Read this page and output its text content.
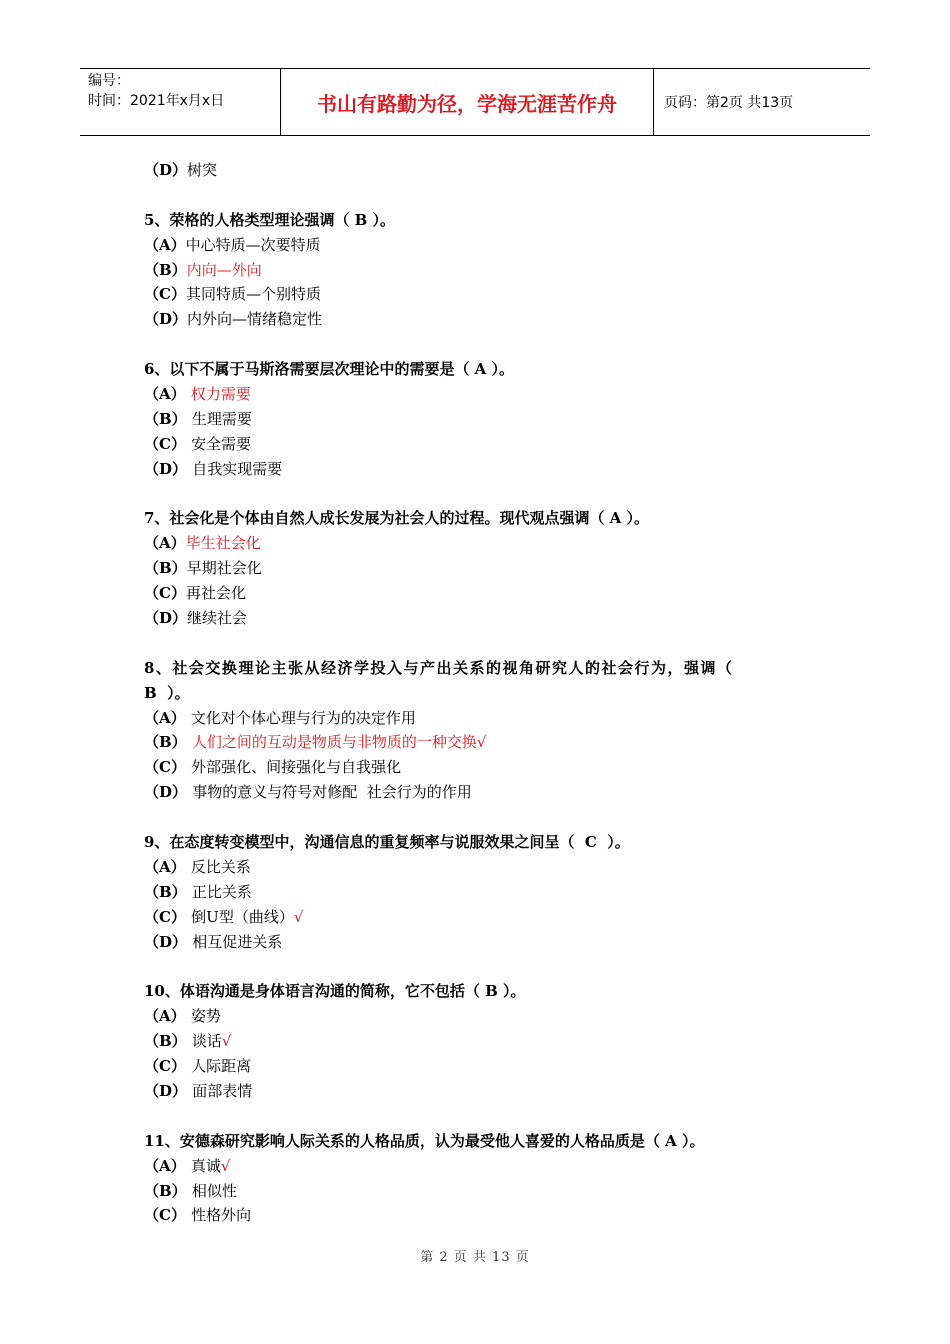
编号：
时间：2021年x月x日	书山有路勤为径，学海无涯苦作舟	页码：第2页 共13页
（D）树突
5、荣格的人格类型理论强调（ B ）。
（A）中心特质—次要特质
（B）内向—外向
（C）其同特质—个别特质
（D）内外向—情绪稳定性
6、以下不属于马斯洛需要层次理论中的需要是（ A ）。
（A） 权力需要
（B） 生理需要
（C） 安全需要
（D） 自我实现需要
7、社会化是个体由自然人成长发展为社会人的过程。现代观点强调（ A ）。
（A）毕生社会化
（B）早期社会化
（C）再社会化
（D）继续社会
8、社会交换理论主张从经济学投入与产出关系的视角研究人的社会行为，强调（
B  ）。
（A） 文化对个体心理与行为的决定作用
（B） 人们之间的互动是物质与非物质的一种交换√
（C） 外部强化、间接强化与自我强化
（D） 事物的意义与符号对修配  社会行为的作用
9、在态度转变模型中，沟通信息的重复频率与说服效果之间呈（  C  ）。
（A） 反比关系
（B） 正比关系
（C） 倒U型（曲线）√
（D） 相互促进关系
10、体语沟通是身体语言沟通的简称，它不包括（ B ）。
（A） 姿势
（B） 谈话√
（C） 人际距离
（D） 面部表情
11、安德森研究影响人际关系的人格品质，认为最受他人喜爱的人格品质是（ A ）。
（A） 真诚√
（B） 相似性
（C） 性格外向
第 2 页 共 13 页
